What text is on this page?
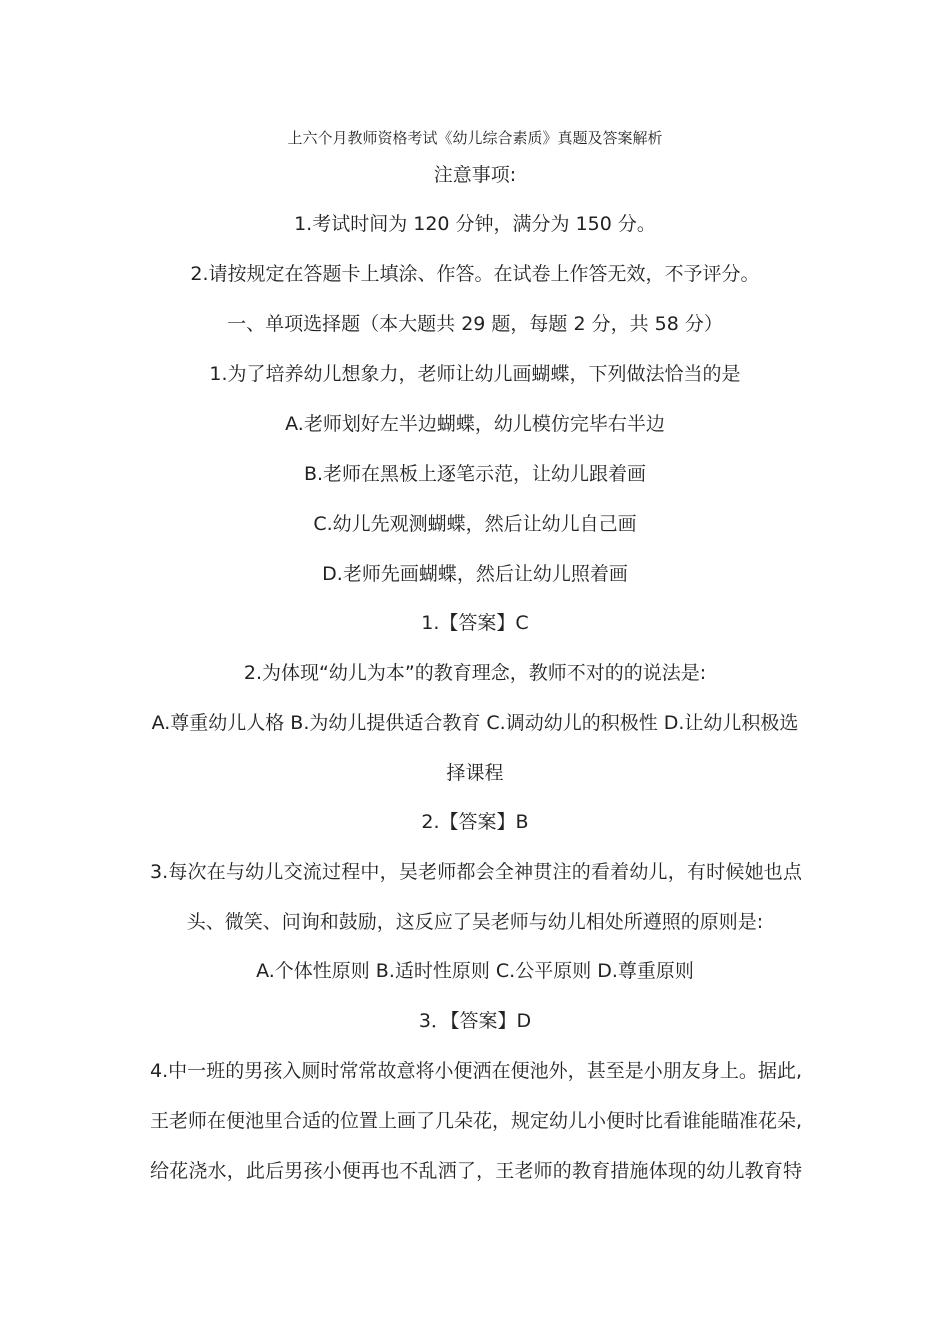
上六个月教师资格考试《幼儿综合素质》真题及答案解析
注意事项:
1.考试时间为 120 分钟，满分为 150 分。
2.请按规定在答题卡上填涂、作答。在试卷上作答无效，不予评分。
一、单项选择题（本大题共 29 题，每题 2 分，共 58 分）
1.为了培养幼儿想象力，老师让幼儿画蝴蝶，下列做法恰当的是
A.老师划好左半边蝴蝶，幼儿模仿完毕右半边
B.老师在黑板上逐笔示范，让幼儿跟着画
C.幼儿先观测蝴蝶，然后让幼儿自己画
D.老师先画蝴蝶，然后让幼儿照着画
1.【答案】C
2.为体现“幼儿为本”的教育理念，教师不对的的说法是:
A.尊重幼儿人格 B.为幼儿提供适合教育 C.调动幼儿的积极性 D.让幼儿积极选
择课程
2.【答案】B
3.每次在与幼儿交流过程中，吴老师都会全神贯注的看着幼儿，有时候她也点
头、微笑、问询和鼓励，这反应了吴老师与幼儿相处所遵照的原则是:
A.个体性原则 B.适时性原则 C.公平原则 D.尊重原则
3．【答案】D
4.中一班的男孩入厕时常常故意将小便洒在便池外，甚至是小朋友身上。据此,
王老师在便池里合适的位置上画了几朵花，规定幼儿小便时比看谁能瞄准花朵,
给花浇水，此后男孩小便再也不乱洒了，王老师的教育措施体现的幼儿教育特
